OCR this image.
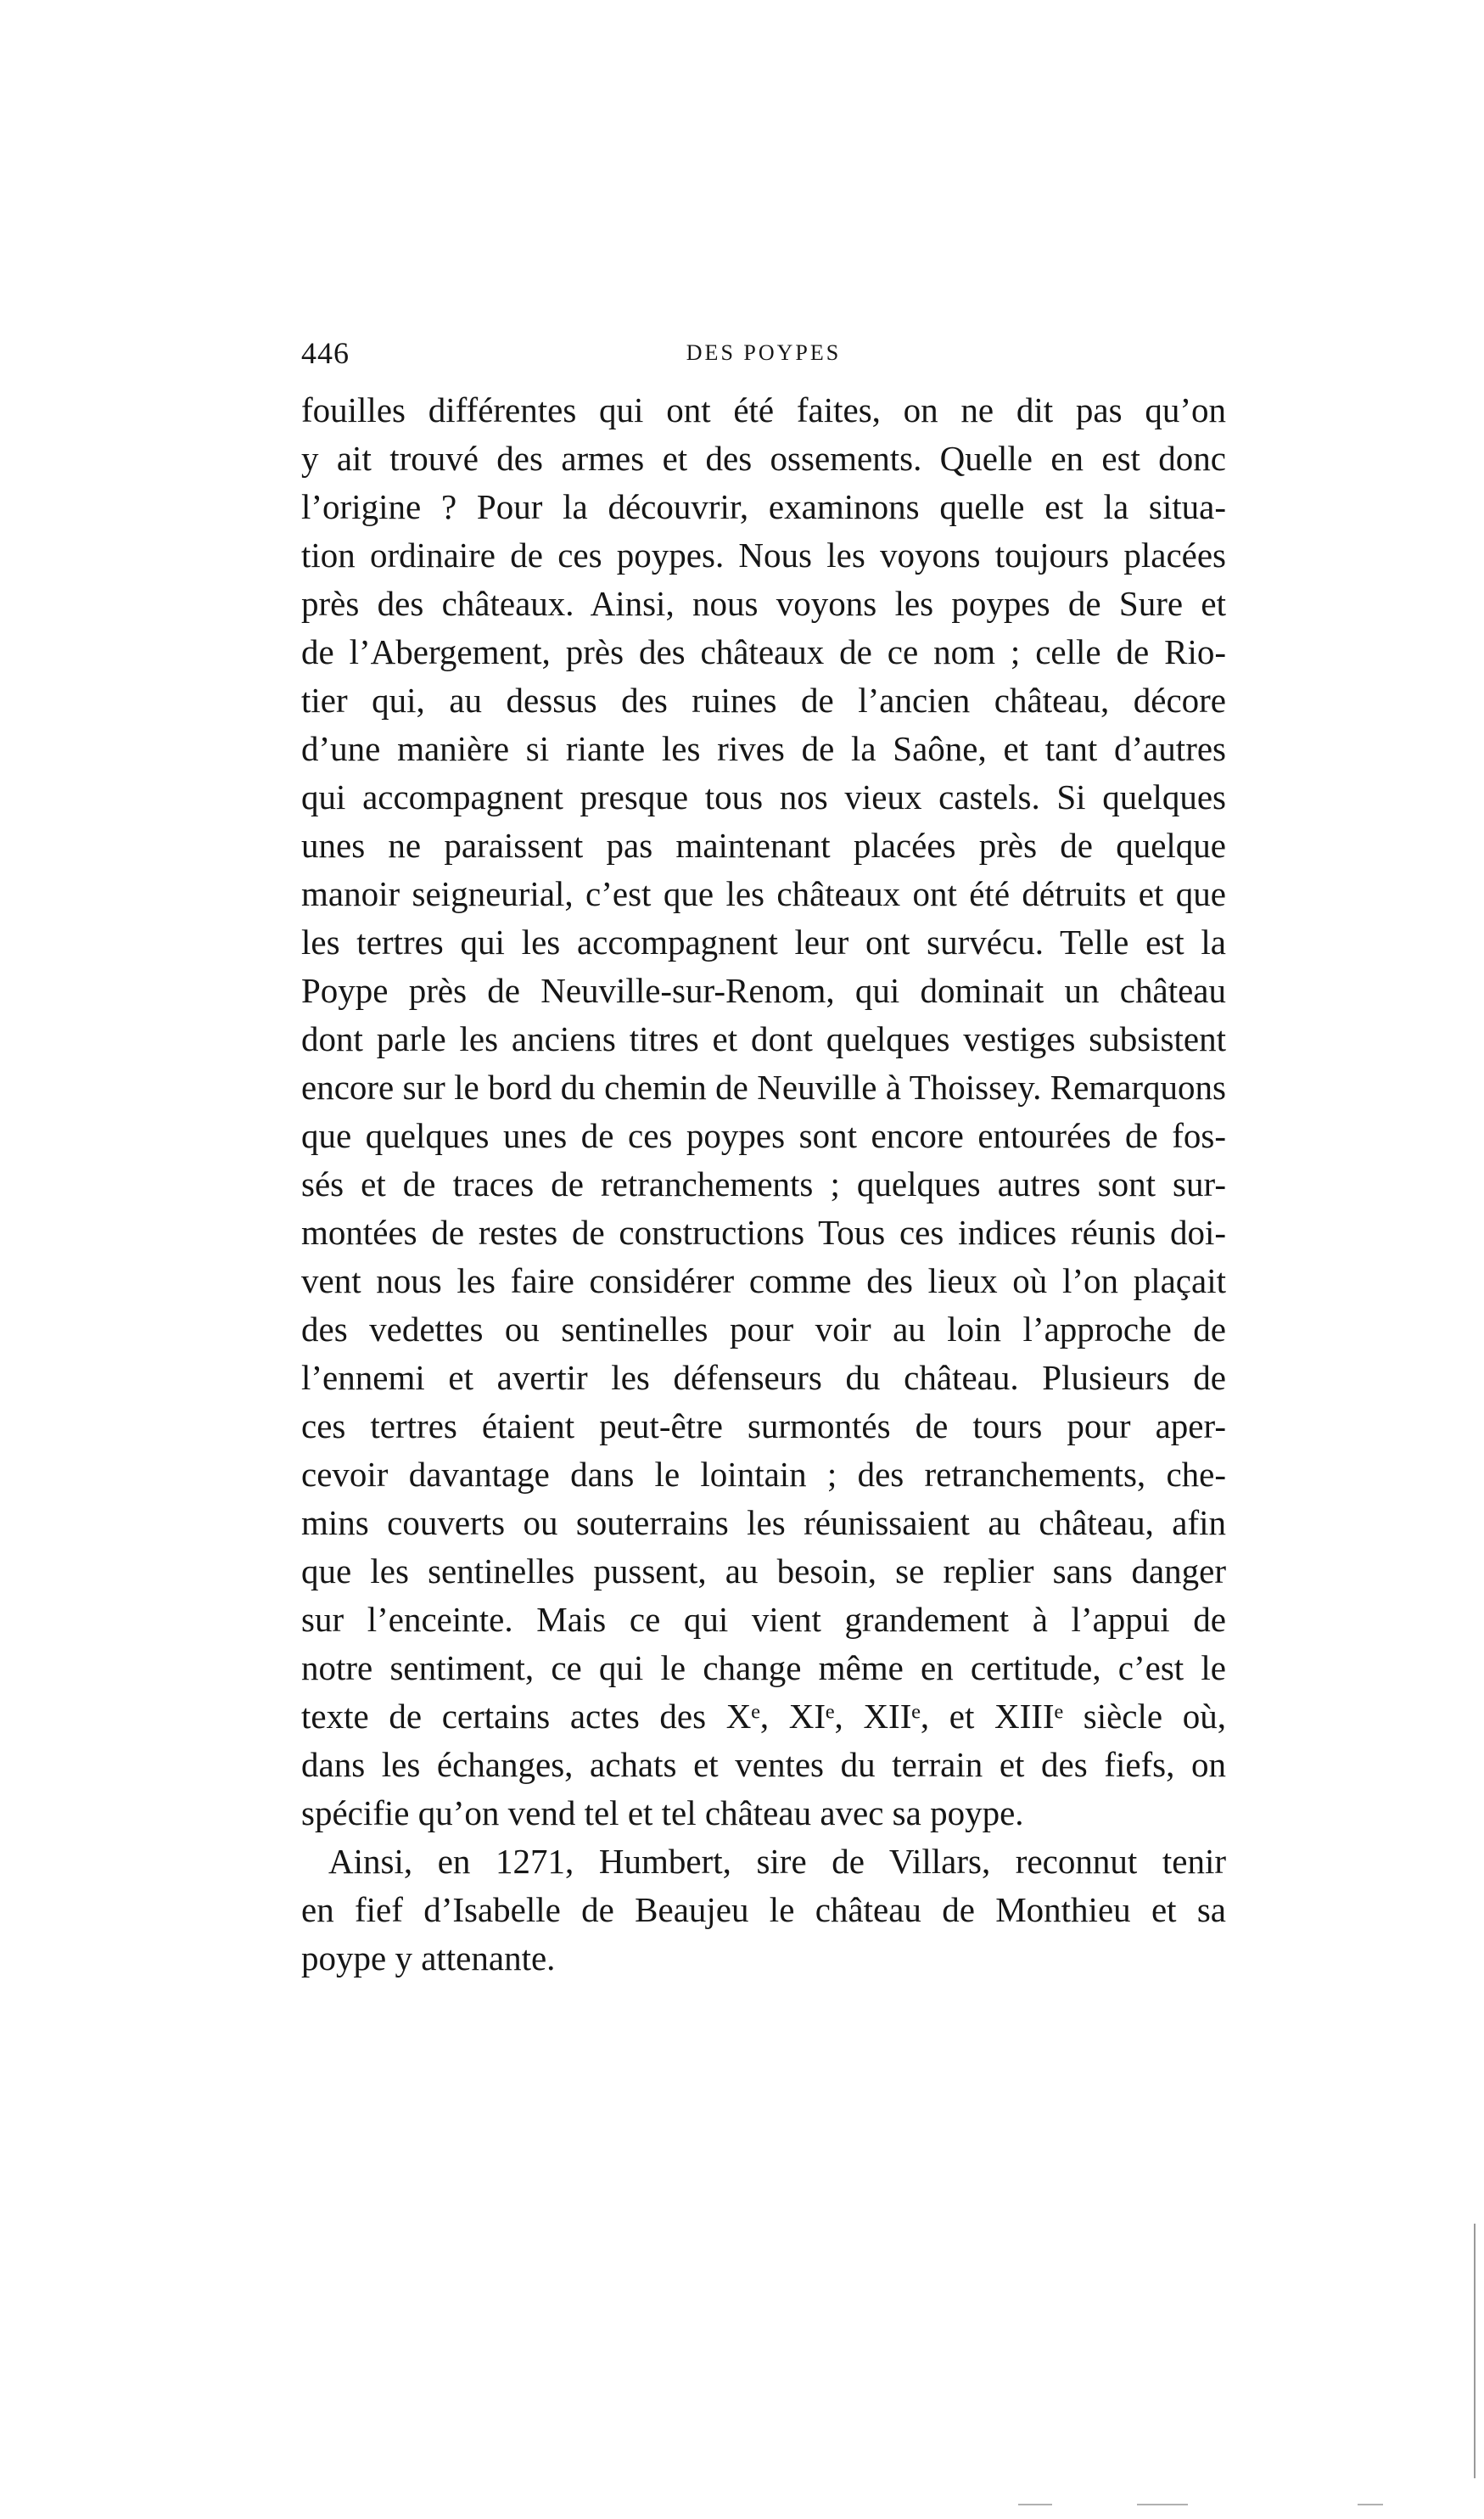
446	DES POYPES
fouilles différentes qui ont été faites, on ne dit pas qu’on
y ait trouvé des armes et des ossements. Quelle en est donc
l’origine ? Pour la découvrir, examinons quelle est la situa-
tion ordinaire de ces poypes. Nous les voyons toujours placées
près des châteaux. Ainsi, nous voyons les poypes de Sure et
de l’Abergement, près des châteaux de ce nom ; celle de Rio-
tier qui, au dessus des ruines de l’ancien château, décore
d’une manière si riante les rives de la Saône, et tant d’autres
qui accompagnent presque tous nos vieux castels. Si quelques
unes ne paraissent pas maintenant placées près de quelque
manoir seigneurial, c’est que les châteaux ont été détruits et que
les tertres qui les accompagnent leur ont survécu. Telle est la
Poype près de Neuville-sur-Renom, qui dominait un château
dont parle les anciens titres et dont quelques vestiges subsistent
encore sur le bord du chemin de Neuville à Thoissey. Remarquons
que quelques unes de ces poypes sont encore entourées de fos-
sés et de traces de retranchements ; quelques autres sont sur-
montées de restes de constructions Tous ces indices réunis doi-
vent nous les faire considérer comme des lieux où l’on plaçait
des vedettes ou sentinelles pour voir au loin l’approche de
l’ennemi et avertir les défenseurs du château. Plusieurs de
ces tertres étaient peut-être surmontés de tours pour aper-
cevoir davantage dans le lointain ; des retranchements, che-
mins couverts ou souterrains les réunissaient au château, afin
que les sentinelles pussent, au besoin, se replier sans danger
sur l’enceinte. Mais ce qui vient grandement à l’appui de
notre sentiment, ce qui le change même en certitude, c’est le
texte de certains actes des Xᵉ, XIᵉ, XIIᵉ, et XIIIᵉ siècle où,
dans les échanges, achats et ventes du terrain et des fiefs, on
spécifie qu’on vend tel et tel château avec sa poype.
Ainsi, en 1271, Humbert, sire de Villars, reconnut tenir
en fief d’Isabelle de Beaujeu le château de Monthieu et sa
poype y attenante.
